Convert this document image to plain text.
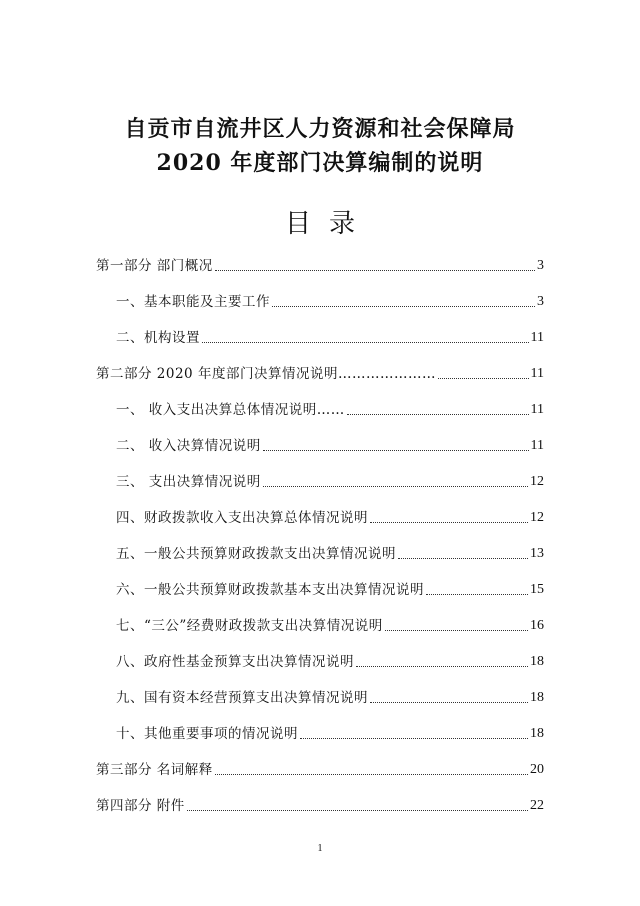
自贡市自流井区人力资源和社会保障局
2020 年度部门决算编制的说明
目录
第一部分 部门概况	3
一、基本职能及主要工作	3
二、机构设置	11
第二部分 2020 年度部门决算情况说明…………………	11
一、 收入支出决算总体情况说明……	11
二、 收入决算情况说明	11
三、 支出决算情况说明	12
四、财政拨款收入支出决算总体情况说明	12
五、一般公共预算财政拨款支出决算情况说明	13
六、一般公共预算财政拨款基本支出决算情况说明	15
七、“三公”经费财政拨款支出决算情况说明	16
八、政府性基金预算支出决算情况说明	18
九、国有资本经营预算支出决算情况说明	18
十、其他重要事项的情况说明	18
第三部分 名词解释	20
第四部分 附件	22
1
